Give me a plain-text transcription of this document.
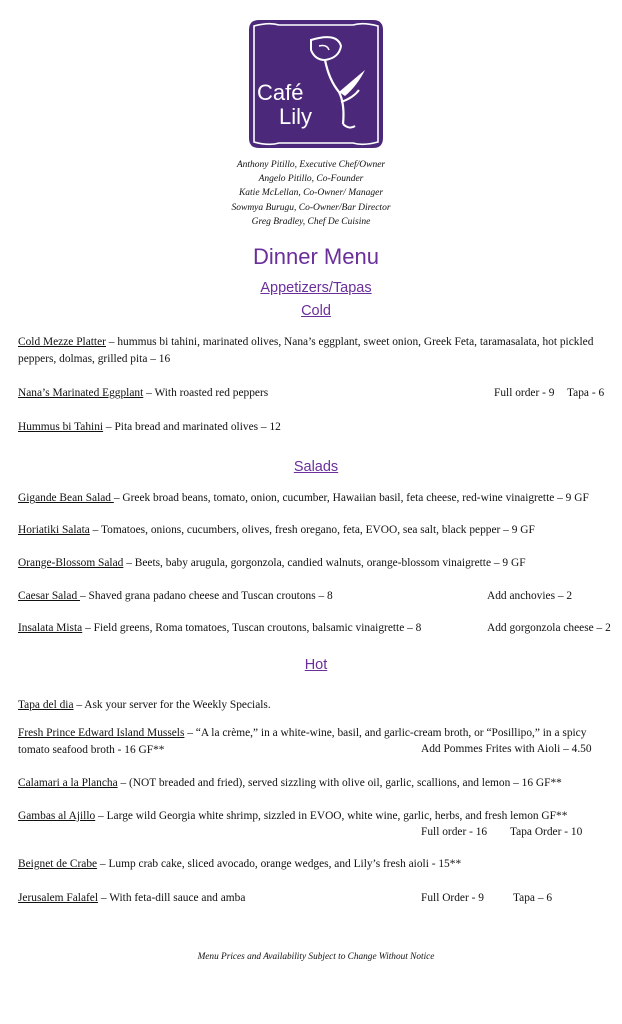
Café
Lily
Anthony Pitillo, Executive Chef/Owner
Angelo Pitillo, Co-Founder
Katie McLellan, Co-Owner/ Manager
Sowmya Burugu, Co-Owner/Bar Director
Greg Bradley, Chef De Cuisine
Dinner Menu
Appetizers/Tapas
Cold
Cold Mezze Platter – hummus bi tahini, marinated olives, Nana’s eggplant, sweet onion, Greek Feta, taramasalata, hot pickled peppers, dolmas, grilled pita – 16
Nana’s Marinated Eggplant – With roasted red peppers	Full order - 9 Tapa - 6
Hummus bi Tahini – Pita bread and marinated olives – 12
Salads
Gigande Bean Salad – Greek broad beans, tomato, onion, cucumber, Hawaiian basil, feta cheese, red-wine vinaigrette – 9 GF
Horiatiki Salata – Tomatoes, onions, cucumbers, olives, fresh oregano, feta, EVOO, sea salt, black pepper – 9 GF
Orange-Blossom Salad – Beets, baby arugula, gorgonzola, candied walnuts, orange-blossom vinaigrette – 9 GF
Caesar Salad – Shaved grana padano cheese and Tuscan croutons – 8	Add anchovies – 2
Insalata Mista – Field greens, Roma tomatoes, Tuscan croutons, balsamic vinaigrette – 8	Add gorgonzola cheese – 2
Hot
Tapa del dia – Ask your server for the Weekly Specials.
Fresh Prince Edward Island Mussels – “A la crème,” in a white-wine, basil, and garlic-cream broth, or “Posillipo,” in a spicy tomato seafood broth - 16 GF**	Add Pommes Frites with Aioli – 4.50
Calamari a la Plancha – (NOT breaded and fried), served sizzling with olive oil, garlic, scallions, and lemon – 16 GF**
Gambas al Ajillo – Large wild Georgia white shrimp, sizzled in EVOO, white wine, garlic, herbs, and fresh lemon GF**
Full order - 16 Tapa Order - 10
Beignet de Crabe – Lump crab cake, sliced avocado, orange wedges, and Lily’s fresh aioli - 15**
Jerusalem Falafel – With feta-dill sauce and amba	Full Order - 9	Tapa – 6
Menu Prices and Availability Subject to Change Without Notice
